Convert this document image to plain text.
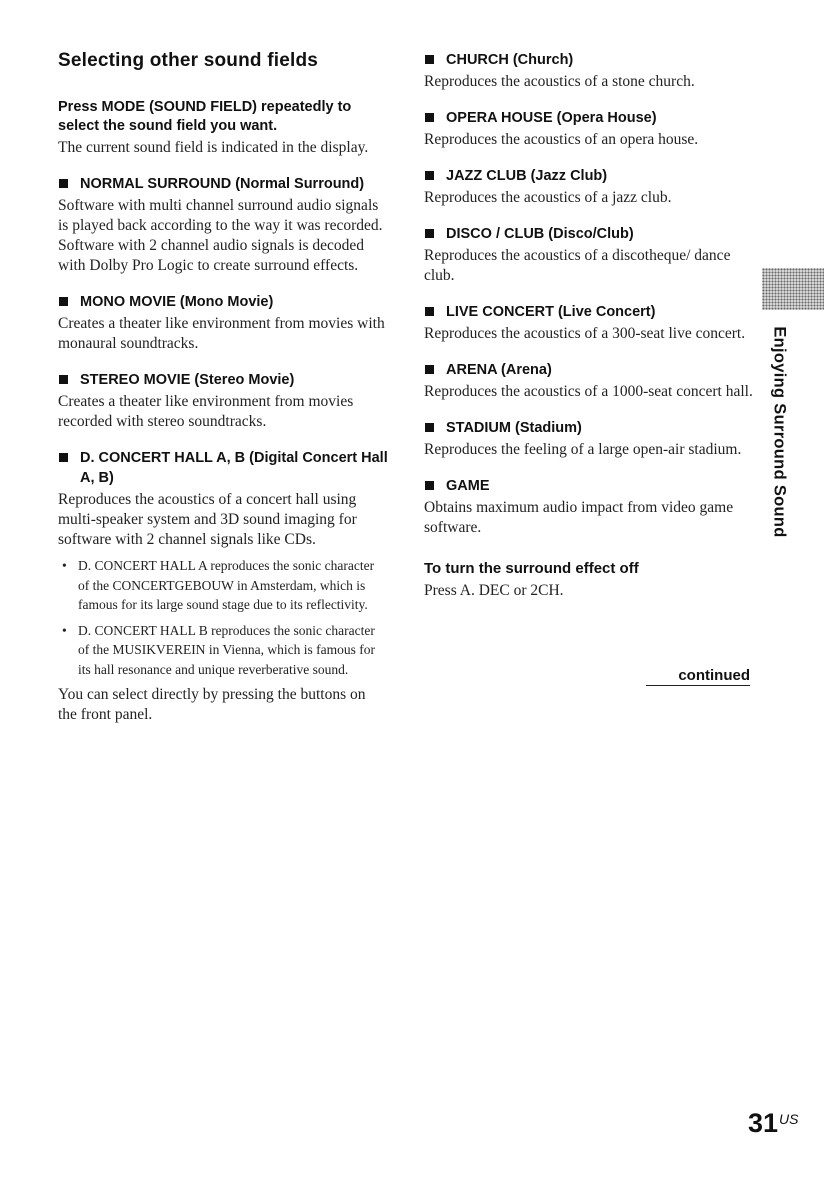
Selecting other sound fields

Press MODE (SOUND FIELD) repeatedly to select the sound field you want.

The current sound field is indicated in the display.

NORMAL SURROUND (Normal Surround)

Software with multi channel surround audio signals is played back according to the way it was recorded. Software with 2 channel audio signals is decoded with Dolby Pro Logic to create surround effects.

MONO MOVIE (Mono Movie)

Creates a theater like environment from movies with monaural soundtracks.

STEREO MOVIE (Stereo Movie)

Creates a theater like environment from movies recorded with stereo soundtracks.

D. CONCERT HALL A, B (Digital Concert Hall A, B)

Reproduces the acoustics of a concert hall using multi-speaker system and 3D sound imaging for software with 2 channel signals like CDs.

• D. CONCERT HALL A reproduces the sonic character of the CONCERTGEBOUW in Amsterdam, which is famous for its large sound stage due to its reflectivity.
• D. CONCERT HALL B reproduces the sonic character of the MUSIKVEREIN in Vienna, which is famous for its hall resonance and unique reverberative sound.

You can select directly by pressing the buttons on the front panel.

CHURCH (Church)

Reproduces the acoustics of a stone church.

OPERA HOUSE (Opera House)

Reproduces the acoustics of an opera house.

JAZZ CLUB (Jazz Club)

Reproduces the acoustics of a jazz club.

DISCO / CLUB (Disco/Club)

Reproduces the acoustics of a discotheque/ dance club.

LIVE CONCERT (Live Concert)

Reproduces the acoustics of a 300-seat live concert.

ARENA (Arena)

Reproduces the acoustics of a 1000-seat concert hall.

STADIUM (Stadium)

Reproduces the feeling of a large open-air stadium.

GAME

Obtains maximum audio impact from video game software.

To turn the surround effect off

Press A. DEC or 2CH.

continued
Enjoying Surround Sound
$31^{US}$
